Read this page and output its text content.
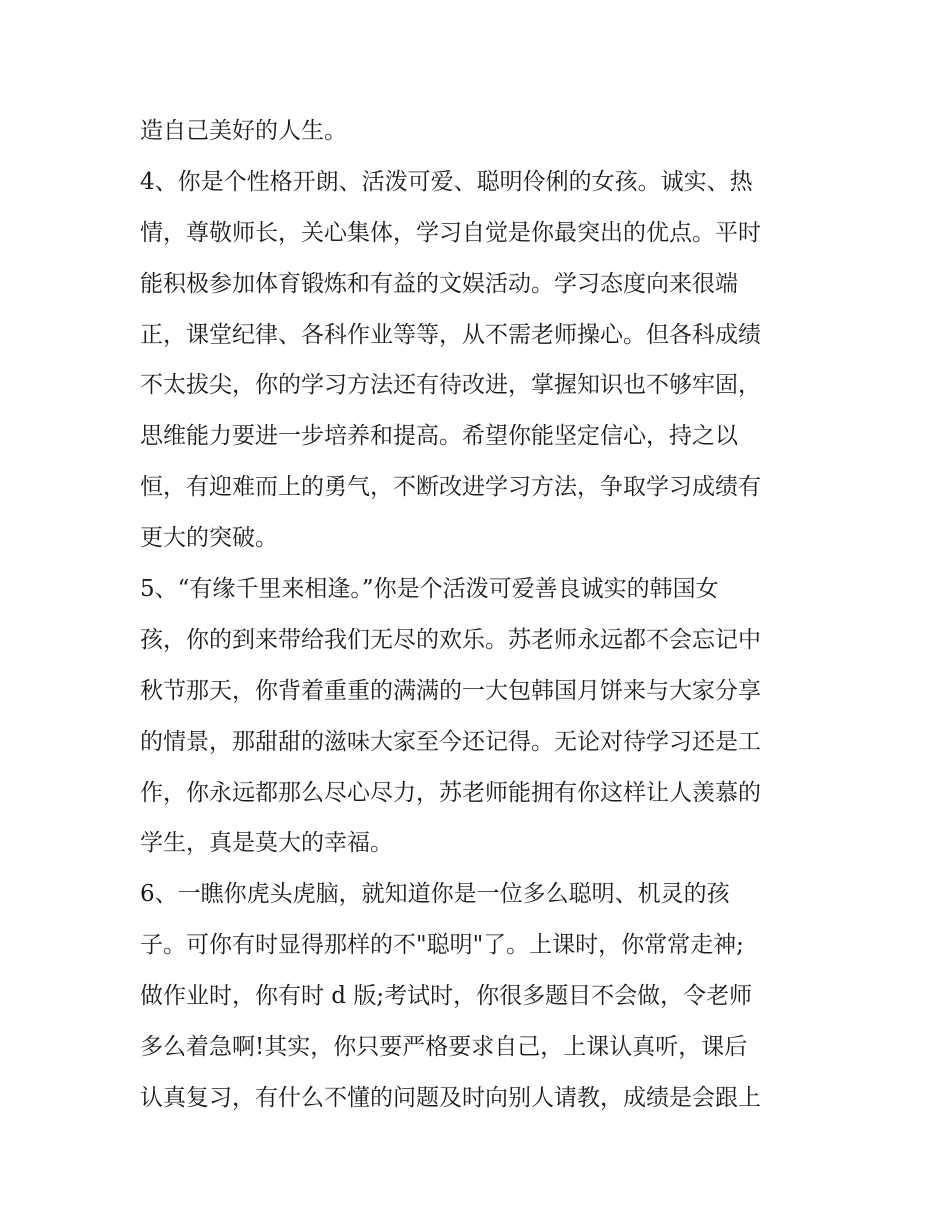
造自己美好的人生。
4、你是个性格开朗、活泼可爱、聪明伶俐的女孩。诚实、热
情，尊敬师长，关心集体，学习自觉是你最突出的优点。平时
能积极参加体育锻炼和有益的文娱活动。学习态度向来很端
正，课堂纪律、各科作业等等，从不需老师操心。但各科成绩
不太拔尖，你的学习方法还有待改进，掌握知识也不够牢固，
思维能力要进一步培养和提高。希望你能坚定信心，持之以
恒，有迎难而上的勇气，不断改进学习方法，争取学习成绩有
更大的突破。
5、“有缘千里来相逢。”你是个活泼可爱善良诚实的韩国女
孩，你的到来带给我们无尽的欢乐。苏老师永远都不会忘记中
秋节那天，你背着重重的满满的一大包韩国月饼来与大家分享
的情景，那甜甜的滋味大家至今还记得。无论对待学习还是工
作，你永远都那么尽心尽力，苏老师能拥有你这样让人羡慕的
学生，真是莫大的幸福。
6、一瞧你虎头虎脑，就知道你是一位多么聪明、机灵的孩
子。可你有时显得那样的不"聪明"了。上课时，你常常走神;
做作业时，你有时 d 版;考试时，你很多题目不会做，令老师
多么着急啊!其实，你只要严格要求自己，上课认真听，课后
认真复习，有什么不懂的问题及时向别人请教，成绩是会跟上
